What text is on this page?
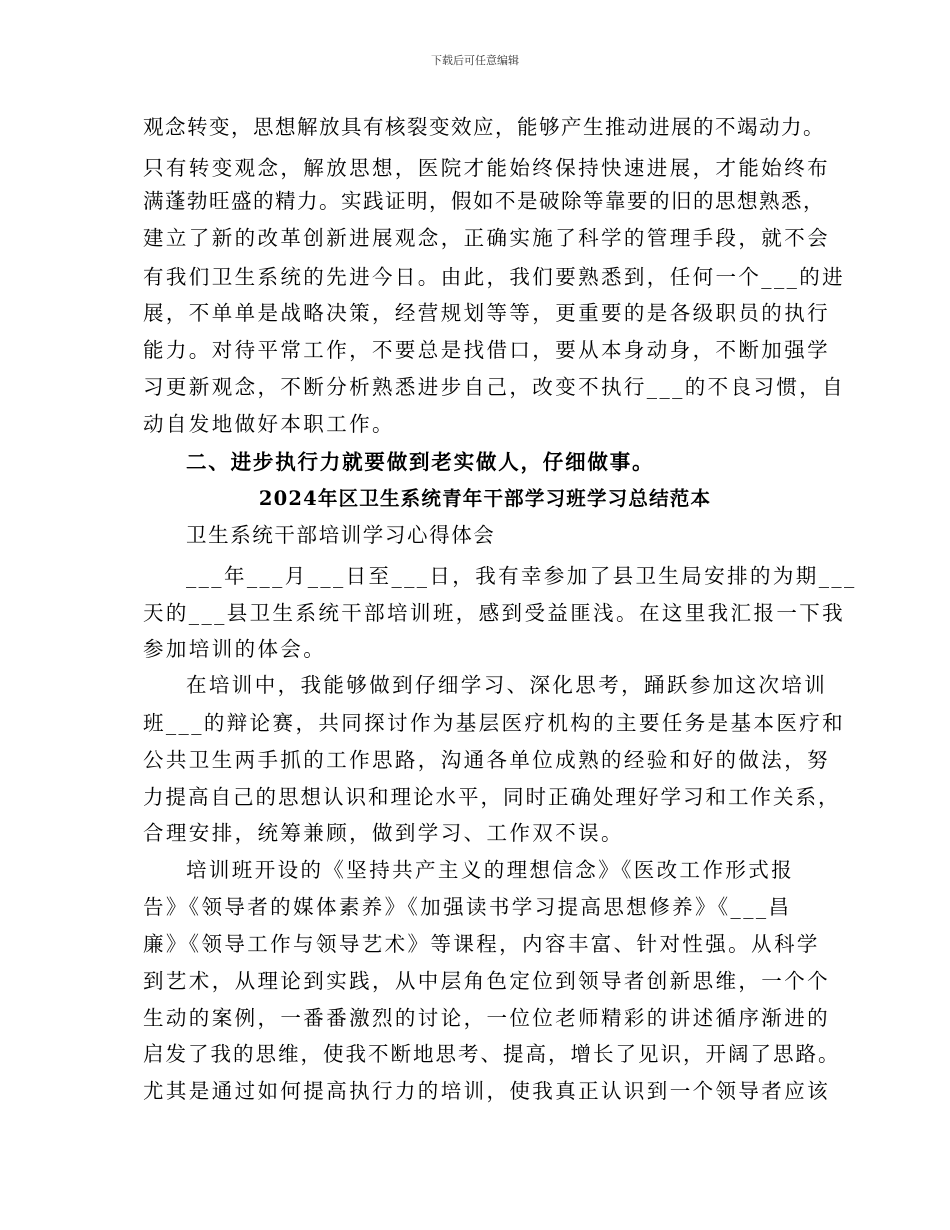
下载后可任意编辑
观念转变，思想解放具有核裂变效应，能够产生推动进展的不竭动力。
只有转变观念，解放思想，医院才能始终保持快速进展，才能始终布
满蓬勃旺盛的精力。实践证明，假如不是破除等靠要的旧的思想熟悉，
建立了新的改革创新进展观念，正确实施了科学的管理手段，就不会
有我们卫生系统的先进今日。由此，我们要熟悉到，任何一个___的进
展，不单单是战略决策，经营规划等等，更重要的是各级职员的执行
能力。对待平常工作，不要总是找借口，要从本身动身，不断加强学
习更新观念，不断分析熟悉进步自己，改变不执行___的不良习惯，自
动自发地做好本职工作。
二、进步执行力就要做到老实做人，仔细做事。
2024年区卫生系统青年干部学习班学习总结范本
卫生系统干部培训学习心得体会
___年___月___日至___日，我有幸参加了县卫生局安排的为期___
天的___县卫生系统干部培训班，感到受益匪浅。在这里我汇报一下我
参加培训的体会。
在培训中，我能够做到仔细学习、深化思考，踊跃参加这次培训
班___的辩论赛，共同探讨作为基层医疗机构的主要任务是基本医疗和
公共卫生两手抓的工作思路，沟通各单位成熟的经验和好的做法，努
力提高自己的思想认识和理论水平，同时正确处理好学习和工作关系，
合理安排，统筹兼顾，做到学习、工作双不误。
培训班开设的《坚持共产主义的理想信念》《医改工作形式报
告》《领导者的媒体素养》《加强读书学习提高思想修养》《___昌
廉》《领导工作与领导艺术》等课程，内容丰富、针对性强。从科学
到艺术，从理论到实践，从中层角色定位到领导者创新思维，一个个
生动的案例，一番番激烈的讨论，一位位老师精彩的讲述循序渐进的
启发了我的思维，使我不断地思考、提高，增长了见识，开阔了思路。
尤其是通过如何提高执行力的培训，使我真正认识到一个领导者应该
